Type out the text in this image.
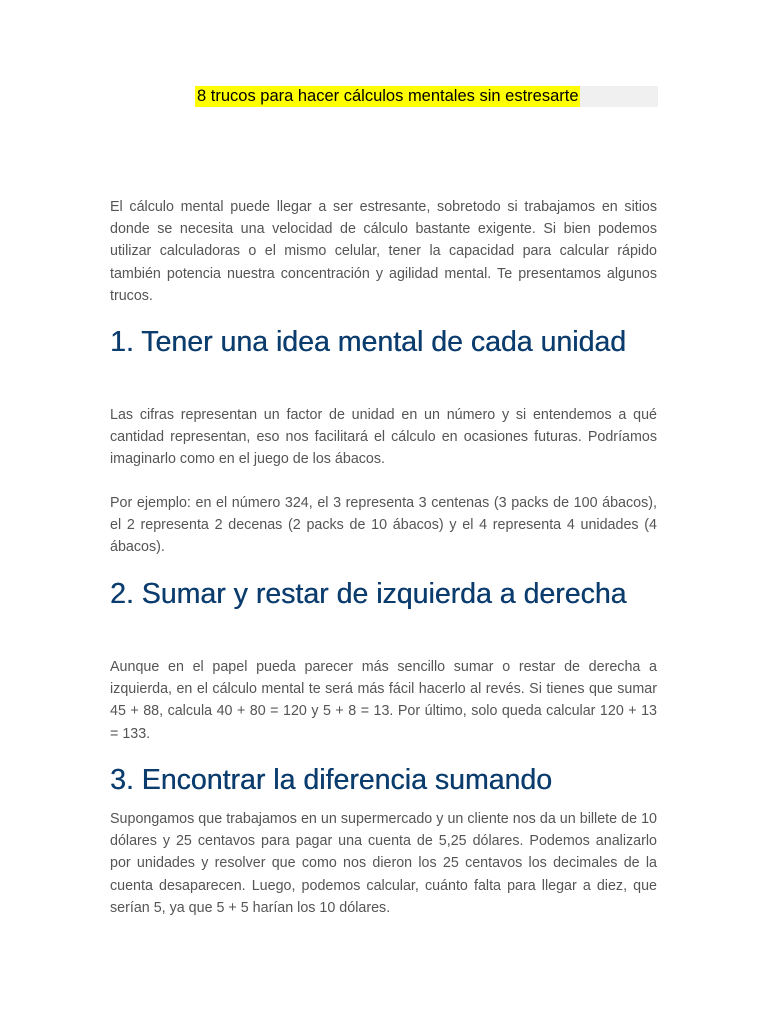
8 trucos para hacer cálculos mentales sin estresarte

El cálculo mental puede llegar a ser estresante, sobretodo si trabajamos en sitios donde se necesita una velocidad de cálculo bastante exigente. Si bien podemos utilizar calculadoras o el mismo celular, tener la capacidad para calcular rápido también potencia nuestra concentración y agilidad mental. Te presentamos algunos trucos.

1. Tener una idea mental de cada unidad

Las cifras representan un factor de unidad en un número y si entendemos a qué cantidad representan, eso nos facilitará el cálculo en ocasiones futuras. Podríamos imaginarlo como en el juego de los ábacos.

Por ejemplo: en el número 324, el 3 representa 3 centenas (3 packs de 100 ábacos), el 2 representa 2 decenas (2 packs de 10 ábacos) y el 4 representa 4 unidades (4 ábacos).

2. Sumar y restar de izquierda a derecha

Aunque en el papel pueda parecer más sencillo sumar o restar de derecha a izquierda, en el cálculo mental te será más fácil hacerlo al revés. Si tienes que sumar 45 + 88, calcula 40 + 80 = 120 y 5 + 8 = 13. Por último, solo queda calcular 120 + 13 = 133.

3. Encontrar la diferencia sumando

Supongamos que trabajamos en un supermercado y un cliente nos da un billete de 10 dólares y 25 centavos para pagar una cuenta de 5,25 dólares. Podemos analizarlo por unidades y resolver que como nos dieron los 25 centavos los decimales de la cuenta desaparecen. Luego, podemos calcular, cuánto falta para llegar a diez, que serían 5, ya que 5 + 5 harían los 10 dólares.
